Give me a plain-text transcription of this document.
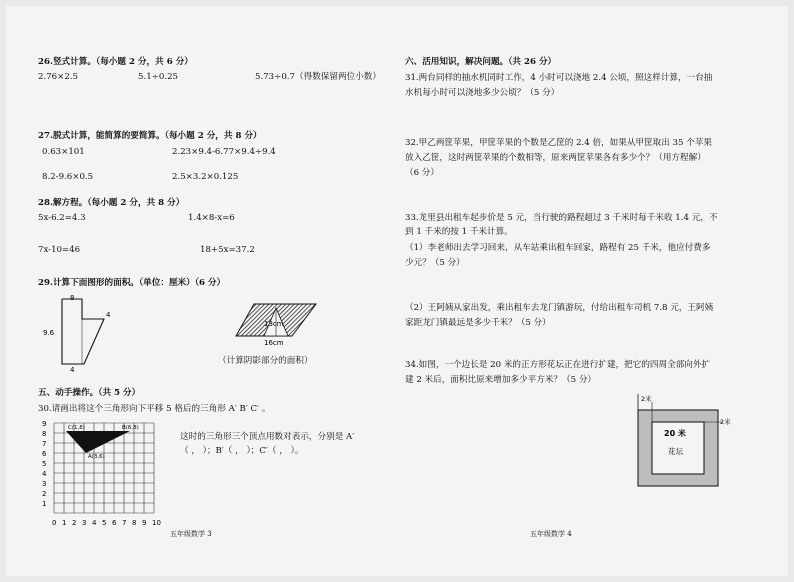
26.竖式计算。（每小题 2 分，共 6 分）
2.76×2.5	5.1÷0.25	5.73÷0.7（得数保留两位小数）
27.脱式计算，能简算的要简算。（每小题 2 分，共 8 分）
0.63×101	2.23×9.4-6.77×9.4÷9.4
8.2-9.6×0.5	2.5×3.2×0.125
28.解方程。（每小题 2 分，共 8 分）
5x-6.2=4.3	1.4×8-x=6
7x-10=46	18+5x=37.2
29.计算下面图形的面积。（单位：厘米）（6 分）
8
9.6
4
4
13cm
16cm
（计算阴影部分的面积）
五、动手操作。（共 5 分）
30.请画出将这个三角形向下平移 5 格后的三角形 A′ B′ C′ 。
9
8
7
6
5
4
3
2
1
0 1 2 3 4 5 6 7 8 9 10
C(1,8)	B(6,8)
A(3,6)
这时的三角形三个顶点用数对表示，分别是 A′
（ ， ）；B′（ ， ）；C′（ ， ）。
五年级数学 3
六、活用知识，解决问题。（共 26 分）
31.两台同样的抽水机同时工作，4 小时可以浇地 2.4 公顷，照这样计算，一台抽
水机每小时可以浇地多少公顷？（5 分）
32.甲乙两筐苹果，甲筐苹果的个数是乙筐的 2.4 倍，如果从甲筐取出 35 个苹果
放入乙筐，这时两筐苹果的个数相等，原来两筐苹果各有多少个？（用方程解）
（6 分）
33.龙里县出租车起步价是 5 元，当行驶的路程超过 3 千米时每千米收 1.4 元，不
到 1 千米的按 1 千米计算。
（1）李老师出去学习回来，从车站乘出租车回家，路程有 25 千米，他应付费多
少元？（5 分）
（2）王阿姨从家出发，乘出租车去龙门镇游玩，付给出租车司机 7.8 元，王阿姨
家距龙门镇最远是多少千米？（5 分）
34.如图，一个边长是 20 米的正方形花坛正在进行扩建，把它的四周全部向外扩
建 2 米后，面积比原来增加多少平方米？（5 分）
2米
2米
20 米
花坛
五年级数学 4
